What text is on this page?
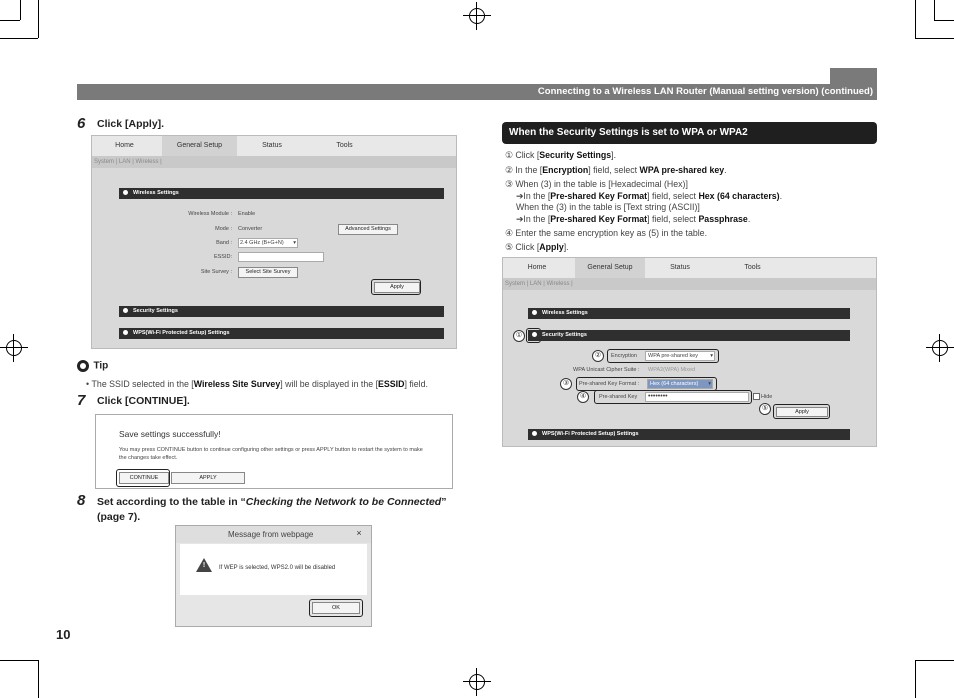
Connecting to a Wireless LAN Router (Manual setting version) (continued)
6 Click [Apply].
Home	General Setup	Status	Tools
System | LAN | Wireless |
Wireless Settings
Wireless Module : Enable
Mode : Converter	Advanced Settings
Band : 2.4 GHz (B+G+N) ▾
ESSID:
Site Survey :	Select Site Survey
Apply
Security Settings
WPS(Wi-Fi Protected Setup) Settings
Tip
• The SSID selected in the [Wireless Site Survey] will be displayed in the [ESSID] field.
7 Click [CONTINUE].
Save settings successfully!
You may press CONTINUE button to continue configuring other settings or press APPLY button to restart the system to make the changes take effect.
CONTINUE	APPLY
8 Set according to the table in “Checking the Network to be Connected” (page 7).
Message from webpage	×
!	If WEP is selected, WPS2.0 will be disabled
OK
10
When the Security Settings is set to WPA or WPA2
① Click [Security Settings].
② In the [Encryption] field, select WPA pre-shared key.
③ When (3) in the table is [Hexadecimal (Hex)]
➔In the [Pre-shared Key Format] field, select Hex (64 characters).
When the (3) in the table is [Text string (ASCII)]
➔In the [Pre-shared Key Format] field, select Passphrase.
④ Enter the same encryption key as (5) in the table.
⑤ Click [Apply].
Home	General Setup	Status	Tools
System | LAN | Wireless |
Wireless Settings
①	Security Settings
②	Encryption WPA pre-shared key ▾
WPA Unicast Cipher Suite : WPA2(WPA) Mixed
③	Pre-shared Key Format : Hex (64 characters) ▾
④	Pre-shared Key ••••••••	Hide
⑤	Apply
WPS(Wi-Fi Protected Setup) Settings
